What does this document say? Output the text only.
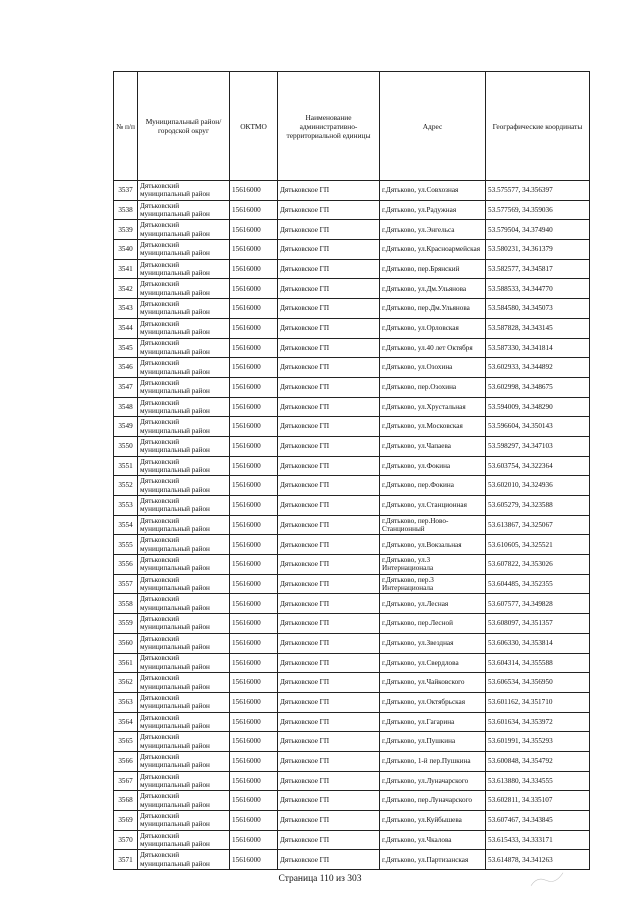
№ п/п	Муниципальный район/городской округ	ОКТМО	Наименование административно-территориальной единицы	Адрес	Географические координаты
3537	Дятьковский муниципальный район	15616000	Дятьковское ГП	г.Дятьково, ул.Совхозная	53.575577, 34.356397
3538	Дятьковский муниципальный район	15616000	Дятьковское ГП	г.Дятьково, ул.Радужная	53.577569, 34.359036
3539	Дятьковский муниципальный район	15616000	Дятьковское ГП	г.Дятьково, ул.Энгельса	53.579504, 34.374940
3540	Дятьковский муниципальный район	15616000	Дятьковское ГП	г.Дятьково, ул.Красноармейская	53.580231, 34.361379
3541	Дятьковский муниципальный район	15616000	Дятьковское ГП	г.Дятьково, пер.Брянский	53.582577, 34.345817
3542	Дятьковский муниципальный район	15616000	Дятьковское ГП	г.Дятьково, ул.Дм.Ульянова	53.588533, 34.344770
3543	Дятьковский муниципальный район	15616000	Дятьковское ГП	г.Дятьково, пер.Дм.Ульянова	53.584580, 34.345073
3544	Дятьковский муниципальный район	15616000	Дятьковское ГП	г.Дятьково, ул.Орловская	53.587828, 34.343145
3545	Дятьковский муниципальный район	15616000	Дятьковское ГП	г.Дятьково, ул.40 лет Октября	53.587330, 34.341814
3546	Дятьковский муниципальный район	15616000	Дятьковское ГП	г.Дятьково, ул.Озохина	53.602933, 34.344892
3547	Дятьковский муниципальный район	15616000	Дятьковское ГП	г.Дятьково, пер.Озохина	53.602998, 34.348675
3548	Дятьковский муниципальный район	15616000	Дятьковское ГП	г.Дятьково, ул.Хрустальная	53.594009, 34.348290
3549	Дятьковский муниципальный район	15616000	Дятьковское ГП	г.Дятьково, ул.Московская	53.596604, 34.350143
3550	Дятьковский муниципальный район	15616000	Дятьковское ГП	г.Дятьково, ул.Чапаева	53.598297, 34.347103
3551	Дятьковский муниципальный район	15616000	Дятьковское ГП	г.Дятьково, ул.Фокина	53.603754, 34.322364
3552	Дятьковский муниципальный район	15616000	Дятьковское ГП	г.Дятьково, пер.Фокина	53.602010, 34.324936
3553	Дятьковский муниципальный район	15616000	Дятьковское ГП	г.Дятьково, ул.Станционная	53.605279, 34.323588
3554	Дятьковский муниципальный район	15616000	Дятьковское ГП	г.Дятьково, пер.Ново-Станционный	53.613867, 34.325067
3555	Дятьковский муниципальный район	15616000	Дятьковское ГП	г.Дятьково, ул.Вокзальная	53.610605, 34.325521
3556	Дятьковский муниципальный район	15616000	Дятьковское ГП	г.Дятьково, ул.3 Интернационала	53.607822, 34.353026
3557	Дятьковский муниципальный район	15616000	Дятьковское ГП	г.Дятьково, пер.3 Интернационала	53.604485, 34.352355
3558	Дятьковский муниципальный район	15616000	Дятьковское ГП	г.Дятьково, ул.Лесная	53.607577, 34.349828
3559	Дятьковский муниципальный район	15616000	Дятьковское ГП	г.Дятьково, пер.Лесной	53.608097, 34.351357
3560	Дятьковский муниципальный район	15616000	Дятьковское ГП	г.Дятьково, ул.Звездная	53.606330, 34.353814
3561	Дятьковский муниципальный район	15616000	Дятьковское ГП	г.Дятьково, ул.Свердлова	53.604314, 34.355588
3562	Дятьковский муниципальный район	15616000	Дятьковское ГП	г.Дятьково, ул.Чайковского	53.606534, 34.356950
3563	Дятьковский муниципальный район	15616000	Дятьковское ГП	г.Дятьково, ул.Октябрьская	53.601162, 34.351710
3564	Дятьковский муниципальный район	15616000	Дятьковское ГП	г.Дятьково, ул.Гагарина	53.601634, 34.353972
3565	Дятьковский муниципальный район	15616000	Дятьковское ГП	г.Дятьково, ул.Пушкина	53.601991, 34.355293
3566	Дятьковский муниципальный район	15616000	Дятьковское ГП	г.Дятьково, 1-й пер.Пушкина	53.600848, 34.354792
3567	Дятьковский муниципальный район	15616000	Дятьковское ГП	г.Дятьково, ул.Луначарского	53.613880, 34.334555
3568	Дятьковский муниципальный район	15616000	Дятьковское ГП	г.Дятьково, пер.Луначарского	53.602811, 34.335107
3569	Дятьковский муниципальный район	15616000	Дятьковское ГП	г.Дятьково, ул.Куйбышева	53.607467, 34.343845
3570	Дятьковский муниципальный район	15616000	Дятьковское ГП	г.Дятьково, ул.Чкалова	53.615433, 34.333171
3571	Дятьковский муниципальный район	15616000	Дятьковское ГП	г.Дятьково, ул.Партизанская	53.614878, 34.341263
Страница 110 из 303
